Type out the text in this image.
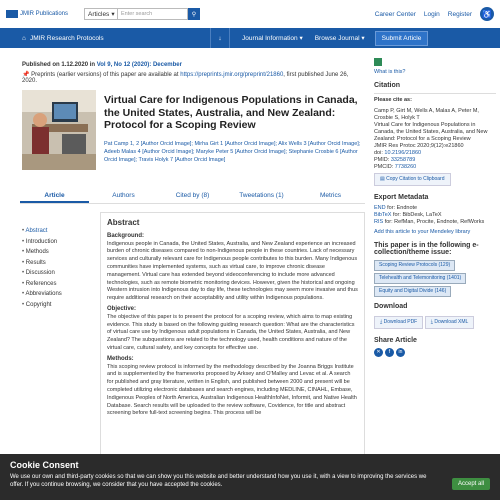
JMIR Publications	Articles ▾	Enter search	⚲	Career Center Login Register ♿
⌂ JMIR Research Protocols	↓	Journal Information ▾ Browse Journal ▾	Submit Article
Published on 1.12.2020 in Vol 9, No 12 (2020): December
📌 Preprints (earlier versions) of this paper are available at https://preprints.jmir.org/preprint/21860, first published June 26, 2020.
Virtual Care for Indigenous Populations in Canada, the United States, Australia, and New Zealand: Protocol for a Scoping Review
Pat Camp 1, 2 [Author Orcid Image]; Mirha Girt 1 [Author Orcid Image]; Alix Wells 3 [Author Orcid Image]; Adeeb Malas 4 [Author Orcid Image]; Maryke Peter 5 [Author Orcid Image]; Stephanie Crosbie 6 [Author Orcid Image]; Travis Holyk 7 [Author Orcid Image]
Article	Authors	Cited by (8)	Tweetations (1)	Metrics
• Abstract
• Introduction
• Methods
• Results
• Discussion
• References
• Abbreviations
• Copyright
Abstract
Background:

Indigenous people in Canada, the United States, Australia, and New Zealand experience an increased burden of chronic diseases compared to non-Indigenous people in these countries. Lack of necessary services and culturally relevant care for Indigenous people contributes to this burden. Many Indigenous communities have implemented systems, such as virtual care, to improve chronic disease management. Virtual care has extended beyond videoconferencing to include more advanced technologies, such as remote biometric monitoring devices. However, given the historical and ongoing Western intrusion into Indigenous day to day life, these technologies may seem more invasive and thus require additional research on their acceptability and utility within Indigenous populations.

Objective:

The objective of this paper is to present the protocol for a scoping review, which aims to map existing evidence. This study is based on the following guiding research question: What are the characteristics of virtual care use by Indigenous adult populations in Canada, the United States, Australia, and New Zealand? The subquestions are related to the technology used, health conditions and nature of the virtual care, cultural safety, and key concepts for effective use.

Methods:

This scoping review protocol is informed by the methodology described by the Joanna Briggs Institute and is supplemented by the frameworks proposed by Arksey and O'Malley and Levac et al. A search for published and gray literature, written in English, and published between 2000 and present will be completed utilizing electronic databases and search engines, including MEDLINE, CINAHL, Embase, Indigenous Peoples of North America, Australian Indigenous HealthInfoNet, Informit, and Native Health Database. Search results will be uploaded to the review software, Covidence, for title and abstract screening before full-text screening begins. This process will be

What is this?
Citation
Please cite as:
Camp P, Girt M, Wells A, Malas A, Peter M, Crosbie S, Holyk T
Virtual Care for Indigenous Populations in Canada, the United States, Australia, and New Zealand: Protocol for a Scoping Review
JMIR Res Protoc 2020;9(12):e21860
doi: 10.2196/21860
PMID: 33258789
PMCID: 7738260
▤ Copy Citation to Clipboard
Export Metadata
END for: Endnote
BibTeX for: BibDesk, LaTeX
RIS for: RefMan, Procite, Endnote, RefWorks
Add this article to your Mendeley library
This paper is in the following e-collection/theme issue:
Scoping Review Protocols (129)
Telehealth and Telemonitoring (1401)
Equity and Digital Divide (146)
Download
⤓ Download PDF	⤓ Download XML
Share Article
✕	f	in
Cookie Consent

We use our own and third-party cookies so that we can show you this website and better understand how you use it, with a view to improving the services we offer. If you continue browsing, we consider that you have accepted the cookies.	Accept all
